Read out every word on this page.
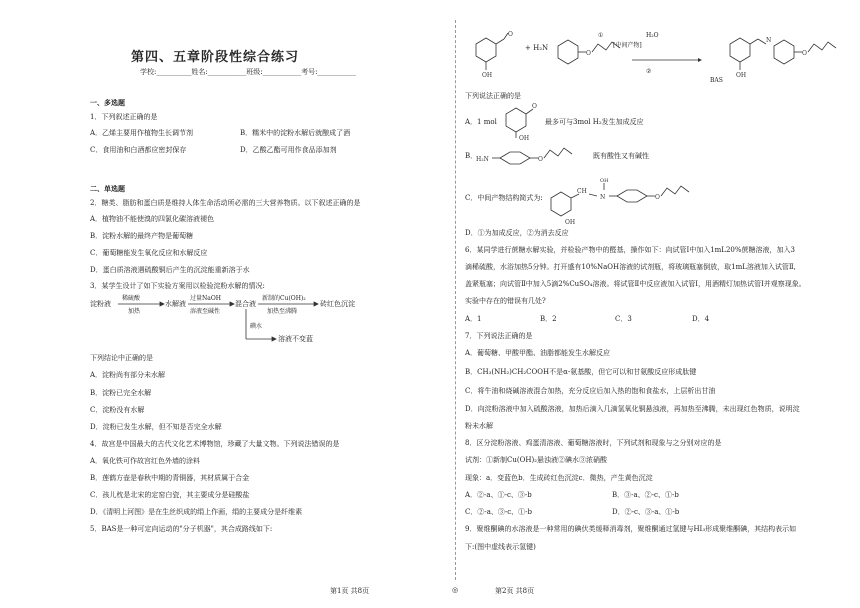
第四、五章阶段性综合练习
学校:__________姓名:___________班级:___________考号:___________
一、多选题
1．下列叙述正确的是
A．乙烯主要用作植物生长调节剂	B．糯米中的淀粉水解后就酿成了酒
C．食用油和白酒都应密封保存	D．乙酸乙酯可用作食品添加剂
二、单选题
2．糖类、脂肪和蛋白质是维持人体生命活动所必需的三大营养物质。以下叙述正确的是
A．植物油不能使溴的四氯化碳溶液褪色
B．淀粉水解的最终产物是葡萄糖
C．葡萄糖能发生氧化反应和水解反应
D．蛋白质溶液遇硫酸铜后产生的沉淀能重新溶于水
3．某学生设计了如下实验方案用以检验淀粉水解的情况:
淀粉液
稀硫酸
加热
水解液
过量NaOH
溶液至碱性
混合液
新制的Cu(OH)₂
加热至沸腾
砖红色沉淀
碘水
溶液不变蓝
下列结论中正确的是
A．淀粉尚有部分未水解
B．淀粉已完全水解
C．淀粉没有水解
D．淀粉已发生水解，但不知是否完全水解
4．故宫是中国最大的古代文化艺术博物馆，珍藏了大量文物。下列说法错误的是
A．氧化铁可作故宫红色外墙的涂料
B．莲鹤方壶是春秋中期的青铜器，其材质属于合金
C．孩儿枕是北宋的定窑白瓷，其主要成分是硅酸盐
D．《清明上河图》是在生丝织成的绢上作画，绢的主要成分是纤维素
5．BAS是一种可定向运动的"分子机器"，其合成路线如下:
O
OH
O
OH
N
O
+ H₂N
①
[中间产物]
H₂O
②
BAS
下列说法正确的是
A．1 mol
O
OH
最多可与3mol H₂发生加成反应
B．
H₂N	O	既有酸性又有碱性
C．中间产物结构简式为:
CH
N
OH
OH
O
D．①为加成反应，②为消去反应
6．某同学进行蔗糖水解实验，并检验产物中的醛基，操作如下：向试管Ⅰ中加入1mL20%蔗糖溶液，加入3
滴稀硫酸，水浴加热5分钟。打开盛有10%NaOH溶液的试剂瓶，将玻璃瓶塞倒放，取1mL溶液加入试管Ⅱ,
盖紧瓶塞；向试管Ⅱ中加入5滴2%CuSO₄溶液。将试管Ⅱ中反应液加入试管Ⅰ，用酒精灯加热试管Ⅰ并观察现象。
实验中存在的错误有几处?
A．1	B．2	C．3	D．4
7．下列说法正确的是
A．葡萄糖、甲酸甲酯、油脂都能发生水解反应
B．CH₃(NH₂)CH₂COOH不是α-氨基酸，但它可以和甘氨酸反应形成肽键
C．将牛油和烧碱溶液混合加热，充分反应后加入热的饱和食盐水，上层析出甘油
D．向淀粉溶液中加入硫酸溶液，加热后滴入几滴氢氧化铜悬浊液，再加热至沸腾，未出现红色物质，说明淀
粉未水解
8．区分淀粉溶液、鸡蛋清溶液、葡萄糖溶液时，下列试剂和现象与之分别对应的是
试剂：①新制Cu(OH)₂悬浊液②碘水③浓硝酸
现象：a．变蓝色b．生成砖红色沉淀c．微热，产生黄色沉淀
A．②-a、①-c、③-b	B．③-a、②-c、①-b
C．②-a、③-c、①-b	D．②-c、③-a、①-b
9．聚维酮碘的水溶液是一种常用的碘伏类缓释消毒剂，聚维酮通过氢键与HI₃形成聚维酮碘，其结构表示如
下:(图中虚线表示氢键)
第1页 共8页	◎	第2页 共8页
